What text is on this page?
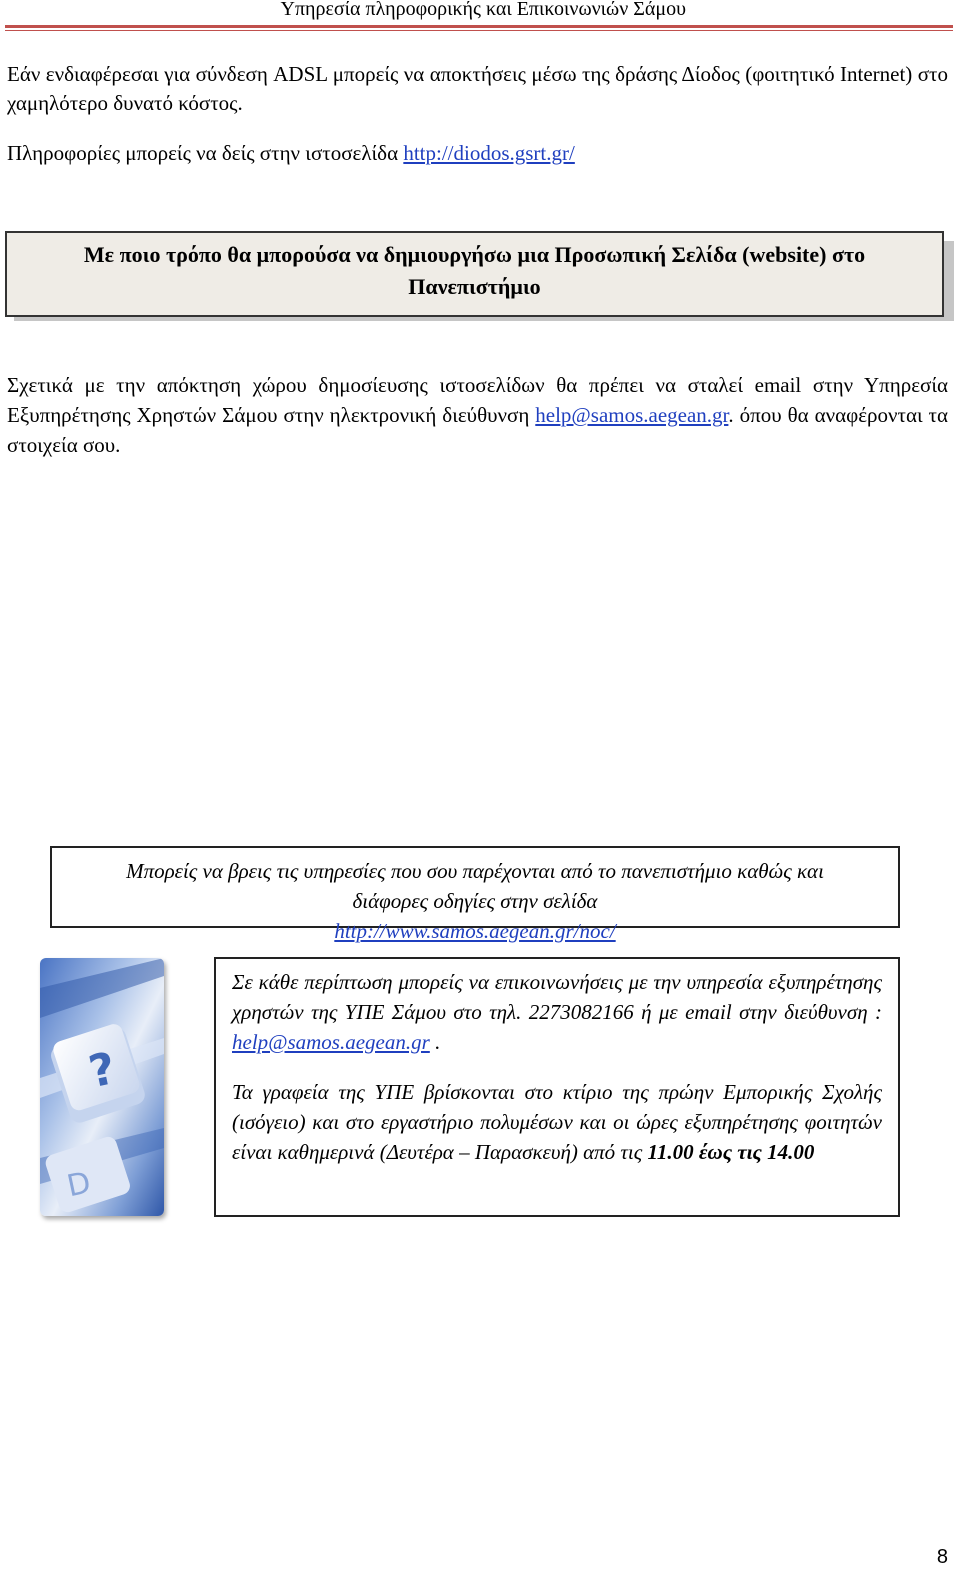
Υπηρεσία πληροφορικής και Επικοινωνιών Σάμου
Εάν ενδιαφέρεσαι για σύνδεση ADSL μπορείς να αποκτήσεις μέσω της δράσης Δίοδος (φοιτητικό Internet) στο χαμηλότερο δυνατό κόστος.
Πληροφορίες μπορείς να δείς στην ιστοσελίδα http://diodos.gsrt.gr/
Με ποιο τρόπο θα μπορούσα να δημιουργήσω μια Προσωπική Σελίδα (website) στο
Πανεπιστήμιο
Σχετικά με την απόκτηση χώρου δημοσίευσης ιστοσελίδων θα πρέπει να σταλεί email στην Υπηρεσία Εξυπηρέτησης Χρηστών Σάμου στην ηλεκτρονική διεύθυνση help@samos.aegean.gr. όπου θα αναφέρονται τα στοιχεία σου.
Μπορείς να βρεις τις υπηρεσίες που σου παρέχονται από το πανεπιστήμιο καθώς και
διάφορες οδηγίες στην σελίδα
http://www.samos.aegean.gr/noc/
?
D

Σε κάθε περίπτωση μπορείς να επικοινωνήσεις με την υπηρεσία εξυπηρέτησης χρηστών της ΥΠΕ Σάμου στο τηλ. 2273082166 ή με email στην διεύθυνση : help@samos.aegean.gr .

Τα γραφεία της ΥΠΕ βρίσκονται στο κτίριο της πρώην Εμπορικής Σχολής (ισόγειο) και στο εργαστήριο πολυμέσων και οι ώρες εξυπηρέτησης φοιτητών είναι καθημερινά (Δευτέρα – Παρασκευή) από τις 11.00 έως τις 14.00

8
